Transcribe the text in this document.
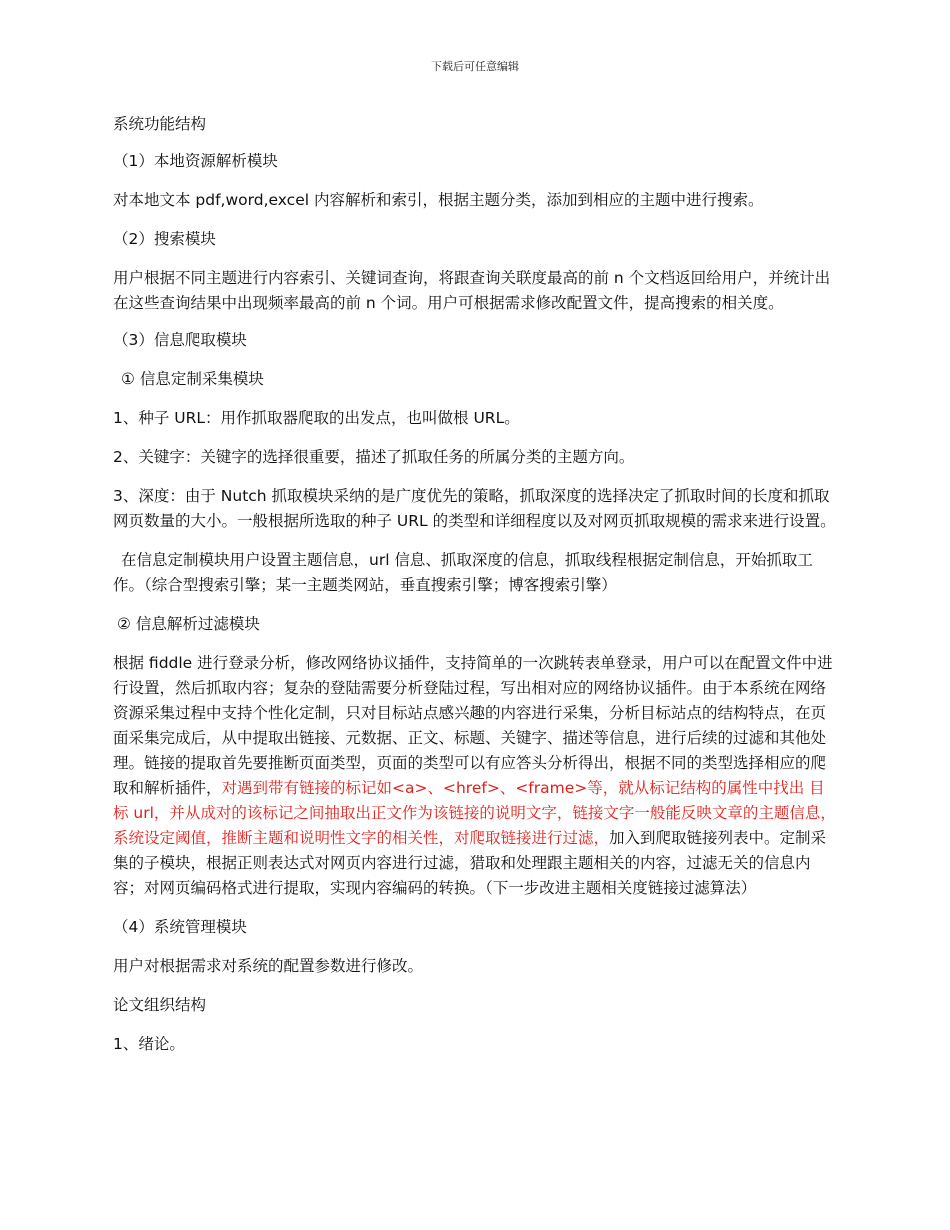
下载后可任意编辑

系统功能结构

（1）本地资源解析模块

对本地文本 pdf,word,excel 内容解析和索引，根据主题分类，添加到相应的主题中进行搜索。

（2）搜索模块

用户根据不同主题进行内容索引、关键词查询，将跟查询关联度最高的前 n 个文档返回给用户，并统计出在这些查询结果中出现频率最高的前 n 个词。用户可根据需求修改配置文件，提高搜索的相关度。

（3）信息爬取模块

① 信息定制采集模块

1、种子 URL：用作抓取器爬取的出发点，也叫做根 URL。

2、关键字：关键字的选择很重要，描述了抓取任务的所属分类的主题方向。

3、深度：由于 Nutch 抓取模块采纳的是广度优先的策略，抓取深度的选择决定了抓取时间的长度和抓取网页数量的大小。一般根据所选取的种子 URL 的类型和详细程度以及对网页抓取规模的需求来进行设置。

在信息定制模块用户设置主题信息，url 信息、抓取深度的信息，抓取线程根据定制信息，开始抓取工作。（综合型搜索引擎；某一主题类网站，垂直搜索引擎；博客搜索引擎）

② 信息解析过滤模块

根据 fiddle 进行登录分析，修改网络协议插件，支持简单的一次跳转表单登录，用户可以在配置文件中进行设置，然后抓取内容；复杂的登陆需要分析登陆过程，写出相对应的网络协议插件。由于本系统在网络资源采集过程中支持个性化定制，只对目标站点感兴趣的内容进行采集，分析目标站点的结构特点，在页面采集完成后，从中提取出链接、元数据、正文、标题、关键字、描述等信息，进行后续的过滤和其他处理。链接的提取首先要推断页面类型，页面的类型可以有应答头分析得出，根据不同的类型选择相应的爬取和解析插件，对遇到带有链接的标记如<a>、<href>、<frame>等，就从标记结构的属性中找出 目标 url，并从成对的该标记之间抽取出正文作为该链接的说明文字，链接文字一般能反映文章的主题信息，系统设定阈值，推断主题和说明性文字的相关性，对爬取链接进行过滤，加入到爬取链接列表中。定制采集的子模块，根据正则表达式对网页内容进行过滤，猎取和处理跟主题相关的内容，过滤无关的信息内容；对网页编码格式进行提取，实现内容编码的转换。（下一步改进主题相关度链接过滤算法）

（4）系统管理模块

用户对根据需求对系统的配置参数进行修改。

论文组织结构

1、绪论。
